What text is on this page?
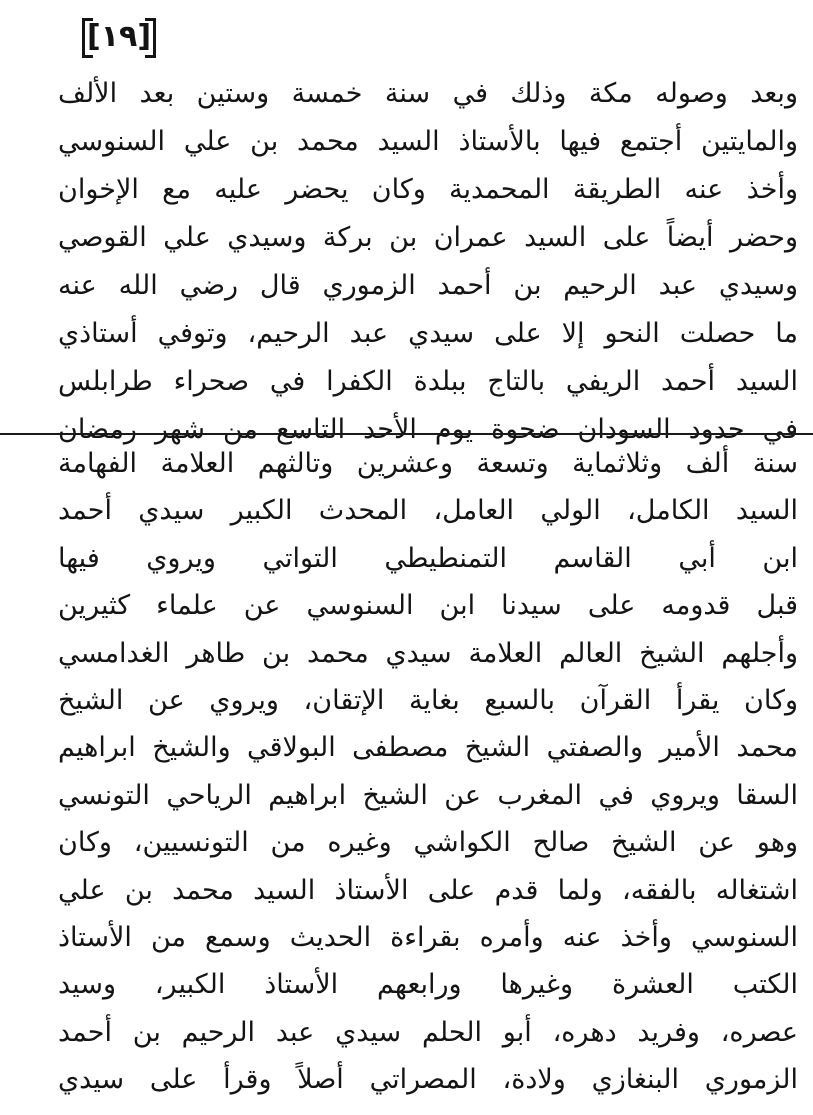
[١٩]
وبعد وصوله مكة وذلك في سنة خمسة وستين بعد الألف
والمايتين أجتمع فيها بالأستاذ السيد محمد بن علي السنوسي
وأخذ عنه الطريقة المحمدية وكان يحضر عليه مع الإخوان
وحضر أيضاً على السيد عمران بن بركة وسيدي علي القوصي
وسيدي عبد الرحيم بن أحمد الزموري قال رضي الله عنه
ما حصلت النحو إلا على سيدي عبد الرحيم، وتوفي أستاذي
السيد أحمد الريفي بالتاج ببلدة الكفرا في صحراء طرابلس
في حدود السودان ضحوة يوم الأحد التاسع من شهر رمضان
سنة ألف وثلاثماية وتسعة وعشرين وتالثهم العلامة الفهامة
السيد الكامل، الولي العامل، المحدث الكبير سيدي أحمد
ابن أبي القاسم التمنطيطي التواتي ويروي فيها
قبل قدومه على سيدنا ابن السنوسي عن علماء كثيرين
وأجلهم الشيخ العالم العلامة سيدي محمد بن طاهر الغدامسي
وكان يقرأ القرآن بالسبع بغاية الإتقان، ويروي عن الشيخ
محمد الأمير والصفتي الشيخ مصطفى البولاقي والشيخ ابراهيم
السقا ويروي في المغرب عن الشيخ ابراهيم الرياحي التونسي
وهو عن الشيخ صالح الكواشي وغيره من التونسيين، وكان
اشتغاله بالفقه، ولما قدم على الأستاذ السيد محمد بن علي
السنوسي وأخذ عنه وأمره بقراءة الحديث وسمع من الأستاذ
الكتب العشرة وغيرها ورابعهم الأستاذ الكبير، وسيد
عصره، وفريد دهره، أبو الحلم سيدي عبد الرحيم بن أحمد
الزموري البنغازي ولادة، المصراتي أصلاً وقرأ على سيدي
